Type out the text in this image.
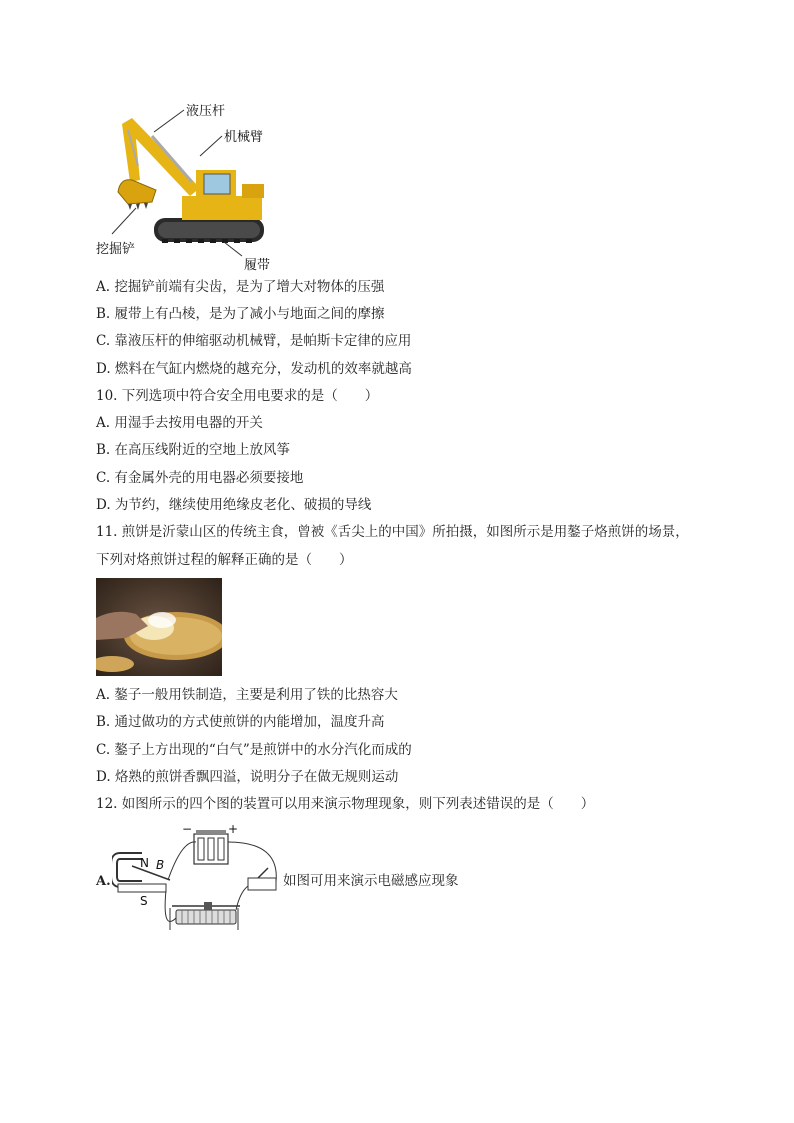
液压杆
机械臂
挖掘铲
履带
A. 挖掘铲前端有尖齿，是为了增大对物体的压强
B. 履带上有凸棱，是为了减小与地面之间的摩擦
C. 靠液压杆的伸缩驱动机械臂，是帕斯卡定律的应用
D. 燃料在气缸内燃烧的越充分，发动机的效率就越高
10. 下列选项中符合安全用电要求的是（　　）
A. 用湿手去按用电器的开关
B. 在高压线附近的空地上放风筝
C. 有金属外壳的用电器必须要接地
D. 为节约，继续使用绝缘皮老化、破损的导线
11. 煎饼是沂蒙山区的传统主食，曾被《舌尖上的中国》所拍摄，如图所示是用鏊子烙煎饼的场景，
下列对烙煎饼过程的解释正确的是（　　）
A. 鏊子一般用铁制造，主要是利用了铁的比热容大
B. 通过做功的方式使煎饼的内能增加，温度升高
C. 鏊子上方出现的“白气”是煎饼中的水分汽化而成的
D. 烙熟的煎饼香飘四溢，说明分子在做无规则运动
12. 如图所示的四个图的装置可以用来演示物理现象，则下列表述错误的是（　　）
A.
N
S
B
−	+
如图可用来演示电磁感应现象
